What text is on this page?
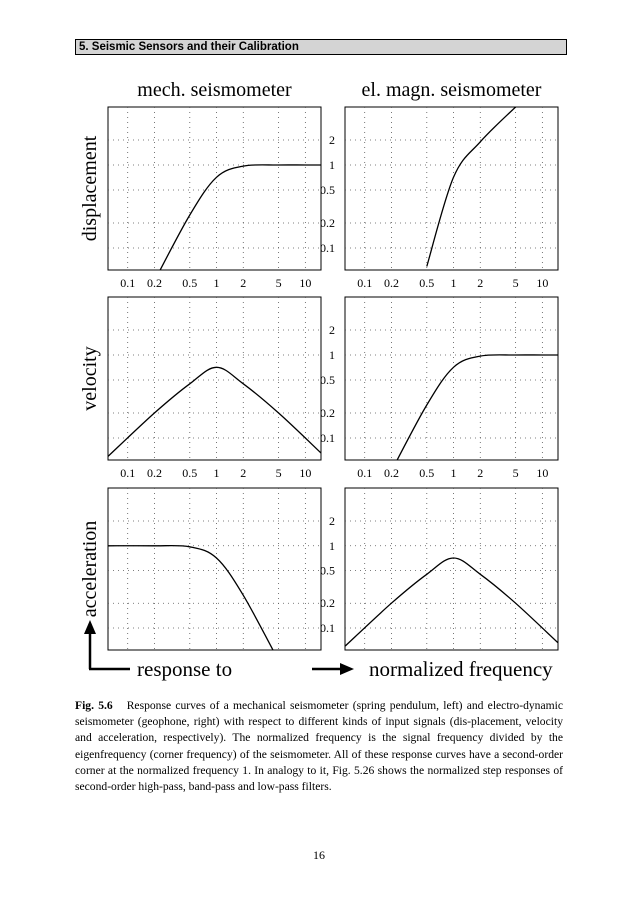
5. Seismic Sensors and their Calibration
mech. seismometer	el. magn. seismometer
displacement
velocity
acceleration
2
1
0.5
0.2
0.1
0.1 0.2 0.5 1 2 5 10	0.1 0.2 0.5 1 2 5 10
2
1
0.5
0.2
0.1
0.1 0.2 0.5 1 2 5 10	0.1 0.2 0.5 1 2 5 10
2
1
0.5
0.2
0.1
response to	normalized frequency
Fig. 5.6 Response curves of a mechanical seismometer (spring pendulum, left) and electro-dynamic seismometer (geophone, right) with respect to different kinds of input signals (dis-placement, velocity and acceleration, respectively). The normalized frequency is the signal frequency divided by the eigenfrequency (corner frequency) of the seismometer. All of these response curves have a second-order corner at the normalized frequency 1. In analogy to it, Fig. 5.26 shows the normalized step responses of second-order high-pass, band-pass and low-pass filters.
16
